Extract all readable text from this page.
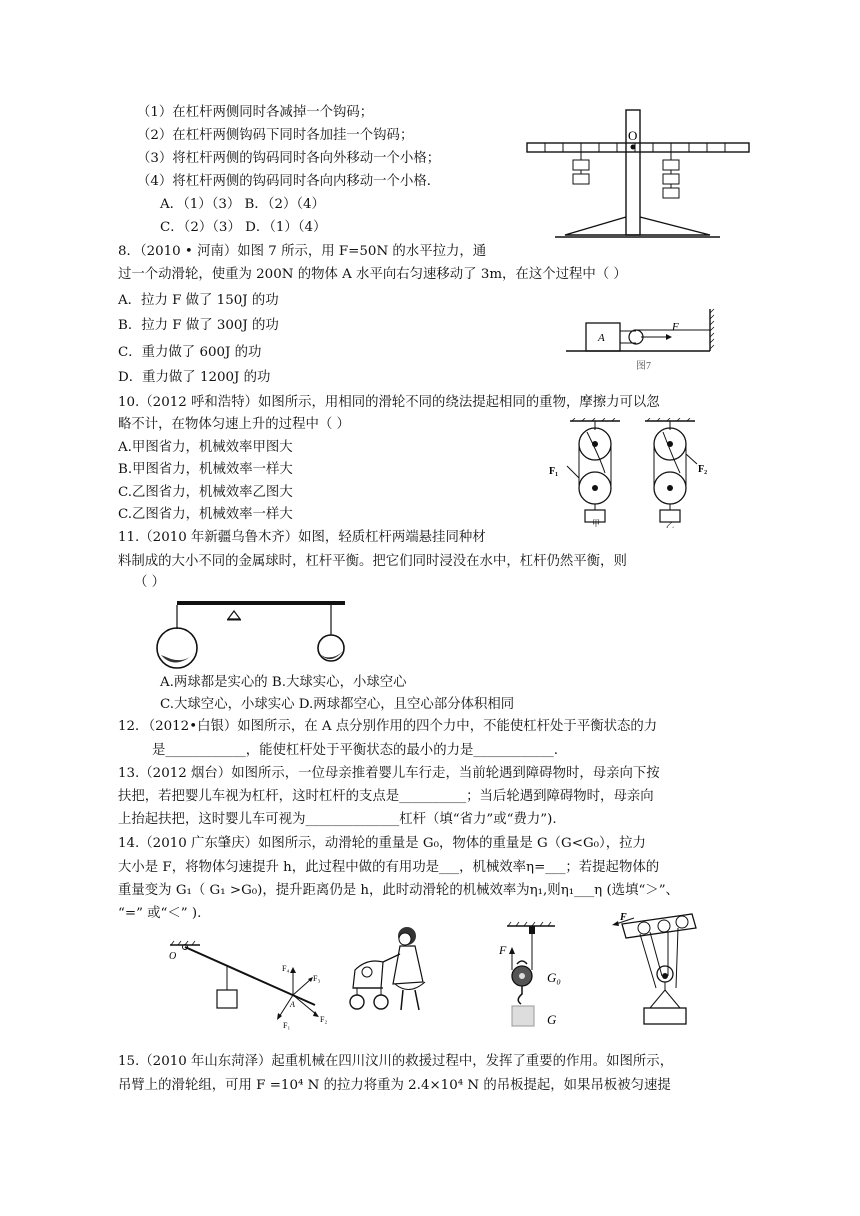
（1）在杠杆两侧同时各减掉一个钩码；
（2）在杠杆两侧钩码下同时各加挂一个钩码；
（3）将杠杆两侧的钩码同时各向外移动一个小格；
（4）将杠杆两侧的钩码同时各向内移动一个小格．
A．（1）（3） B．（2）（4）
C．（2）（3） D．（1）（4）
O
8．（2010 • 河南）如图 7 所示，用 F=50N 的水平拉力，通
过一个动滑轮，使重为 200N 的物体 A 水平向右匀速移动了 3m，在这个过程中（ ）
A．拉力 F 做了 150J 的功
B．拉力 F 做了 300J 的功
C．重力做了 600J 的功
D．重力做了 1200J 的功
A
F
图7
10.（2012 呼和浩特）如图所示，用相同的滑轮不同的绕法提起相同的重物，摩擦力可以忽
略不计，在物体匀速上升的过程中（ ）
A.甲图省力，机械效率甲图大
B.甲图省力，机械效率一样大
C.乙图省力，机械效率乙图大
C.乙图省力，机械效率一样大
F₁
甲
F₂
乙
11.（2010 年新疆乌鲁木齐）如图，轻质杠杆两端悬挂同种材
料制成的大小不同的金属球时，杠杆平衡。把它们同时浸没在水中，杠杆仍然平衡，则
（ ）
A.两球都是实心的 B.大球实心，小球空心
C.大球空心，小球实心 D.两球都空心，且空心部分体积相同
12．（2012•白银）如图所示，在 A 点分别作用的四个力中，不能使杠杆处于平衡状态的力
是____________，能使杠杆处于平衡状态的最小的力是____________.
13.（2012 烟台）如图所示，一位母亲推着婴儿车行走，当前轮遇到障碍物时，母亲向下按
扶把，若把婴儿车视为杠杆，这时杠杆的支点是__________；当后轮遇到障碍物时，母亲向
上抬起扶把，这时婴儿车可视为______________杠杆（填“省力”或“费力”).
14.（2010 广东肇庆）如图所示，动滑轮的重量是 G₀，物体的重量是 G（G<G₀），拉力
大小是 F，将物体匀速提升 h，此过程中做的有用功是___，机械效率η=___；若提起物体的
重量变为 G₁（ G₁ >G₀)，提升距离仍是 h，此时动滑轮的机械效率为η₁,则η₁___η (选填“＞”、
“=” 或“＜” ).
O
F₄
F₃
F₂
F₁
A
F
G₀
G
F
15.（2010 年山东菏泽）起重机械在四川汶川的救援过程中，发挥了重要的作用。如图所示，
吊臂上的滑轮组，可用 F =10⁴ N 的拉力将重为 2.4×10⁴ N 的吊板提起，如果吊板被匀速提
